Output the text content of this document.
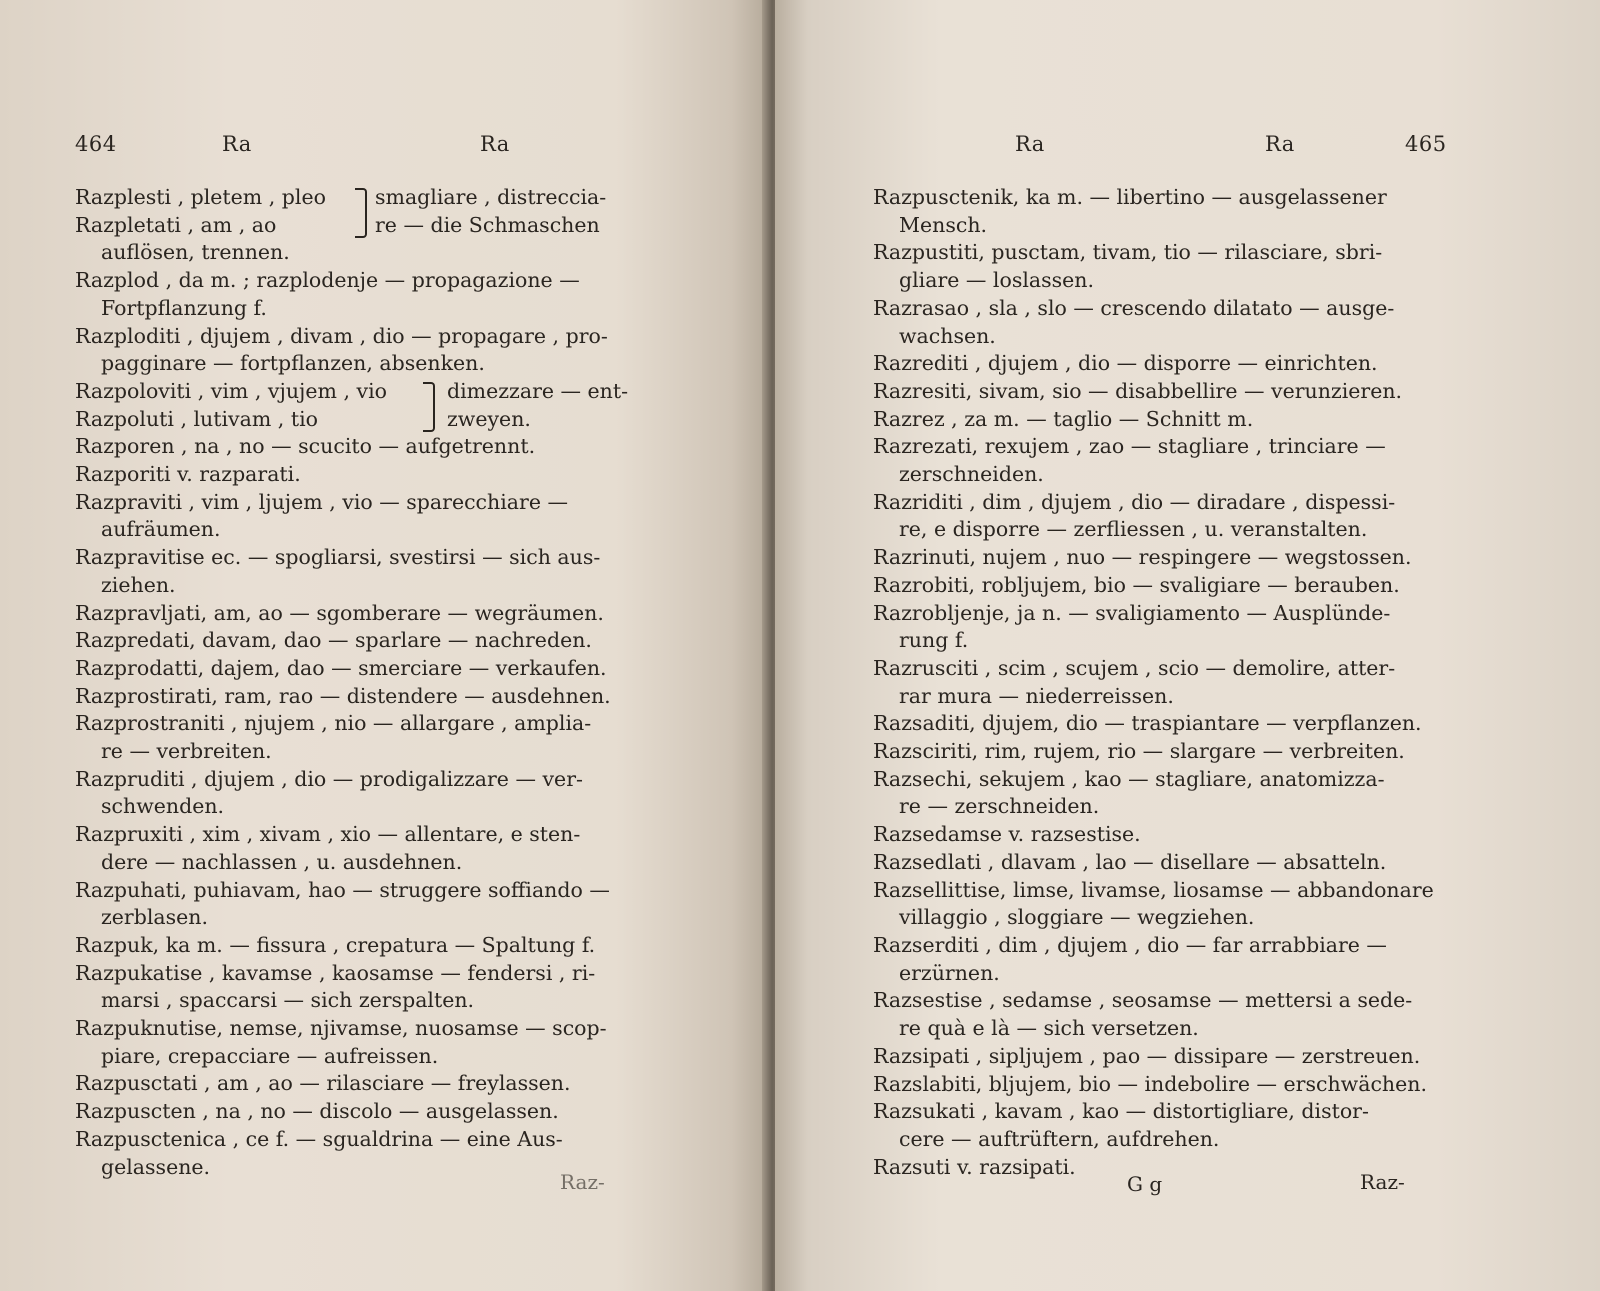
464	Ra	Ra
Razplesti , pletem , pleo
Razpletati , am , ao
smagliare , distreccia-
re — die Schmaschen
auflösen, trennen.
Razplod , da m. ; razplodenje — propagazione —
Fortpflanzung f.
Razploditi , djujem , divam , dio — propagare , pro-
pagginare — fortpflanzen, absenken.
Razpoloviti , vim , vjujem , vio
Razpoluti , lutivam , tio
dimezzare — ent-
zweyen.
Razporen , na , no — scucito — aufgetrennt.
Razporiti v. razparati.
Razpraviti , vim , ljujem , vio — sparecchiare —
aufräumen.
Razpravitise ec. — spogliarsi, svestirsi — sich aus-
ziehen.
Razpravljati, am, ao — sgomberare — wegräumen.
Razpredati, davam, dao — sparlare — nachreden.
Razprodatti, dajem, dao — smerciare — verkaufen.
Razprostirati, ram, rao — distendere — ausdehnen.
Razprostraniti , njujem , nio — allargare , amplia-
re — verbreiten.
Razpruditi , djujem , dio — prodigalizzare — ver-
schwenden.
Razpruxiti , xim , xivam , xio — allentare, e sten-
dere — nachlassen , u. ausdehnen.
Razpuhati, puhiavam, hao — struggere soffiando —
zerblasen.
Razpuk, ka m. — fissura , crepatura — Spaltung f.
Razpukatise , kavamse , kaosamse — fendersi , ri-
marsi , spaccarsi — sich zerspalten.
Razpuknutise, nemse, njivamse, nuosamse — scop-
piare, crepacciare — aufreissen.
Razpusctati , am , ao — rilasciare — freylassen.
Razpuscten , na , no — discolo — ausgelassen.
Razpusctenica , ce f. — sgualdrina — eine Aus-
gelassene.
Raz-
Ra	Ra	465
Razpusctenik, ka m. — libertino — ausgelassener
Mensch.
Razpustiti, pusctam, tivam, tio — rilasciare, sbri-
gliare — loslassen.
Razrasao , sla , slo — crescendo dilatato — ausge-
wachsen.
Razrediti , djujem , dio — disporre — einrichten.
Razresiti, sivam, sio — disabbellire — verunzieren.
Razrez , za m. — taglio — Schnitt m.
Razrezati, rexujem , zao — stagliare , trinciare —
zerschneiden.
Razriditi , dim , djujem , dio — diradare , dispessi-
re, e disporre — zerfliessen , u. veranstalten.
Razrinuti, nujem , nuo — respingere — wegstossen.
Razrobiti, robljujem, bio — svaligiare — berauben.
Razrobljenje, ja n. — svaligiamento — Ausplünde-
rung f.
Razrusciti , scim , scujem , scio — demolire, atter-
rar mura — niederreissen.
Razsaditi, djujem, dio — traspiantare — verpflanzen.
Razsciriti, rim, rujem, rio — slargare — verbreiten.
Razsechi, sekujem , kao — stagliare, anatomizza-
re — zerschneiden.
Razsedamse v. razsestise.
Razsedlati , dlavam , lao — disellare — absatteln.
Razsellittise, limse, livamse, liosamse — abbandonare
villaggio , sloggiare — wegziehen.
Razserditi , dim , djujem , dio — far arrabbiare —
erzürnen.
Razsestise , sedamse , seosamse — mettersi a sede-
re quà e là — sich versetzen.
Razsipati , sipljujem , pao — dissipare — zerstreuen.
Razslabiti, bljujem, bio — indebolire — erschwächen.
Razsukati , kavam , kao — distortigliare, distor-
cere — auftrüftern, aufdrehen.
Razsuti v. razsipati.
G g	Raz-
